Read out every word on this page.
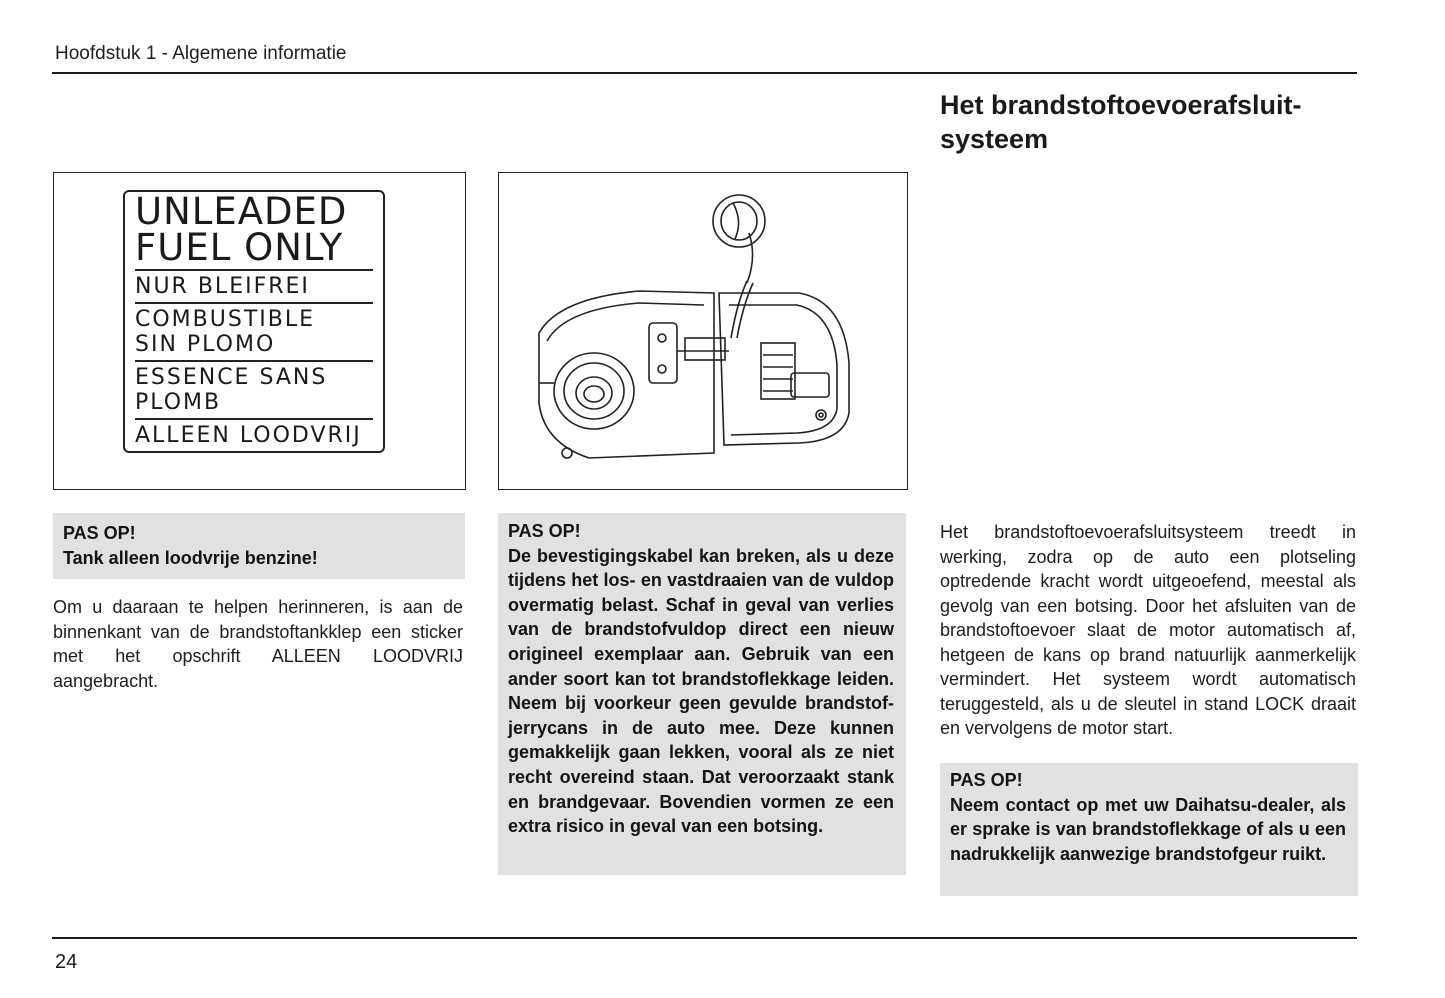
Hoofdstuk 1 - Algemene informatie
Het brandstoftoevoerafsluit-systeem
UNLEADED
FUEL ONLY
NUR BLEIFREI
COMBUSTIBLE
SIN PLOMO
ESSENCE SANS
PLOMB
ALLEEN LOODVRIJ
PAS OP!
Tank alleen loodvrije benzine!
Om u daaraan te helpen herinneren, is aan de binnenkant van de brandstoftankklep een sticker met het opschrift ALLEEN LOODVRIJ aangebracht.
PAS OP!
De bevestigingskabel kan breken, als u deze tijdens het los- en vastdraaien van de vuldop overmatig belast. Schaf in geval van verlies van de brandstofvuldop direct een nieuw origineel exemplaar aan. Gebruik van een ander soort kan tot brandstoflekkage leiden. Neem bij voorkeur geen gevulde brandstof-jerrycans in de auto mee. Deze kunnen gemakkelijk gaan lekken, vooral als ze niet recht overeind staan. Dat veroorzaakt stank en brandgevaar. Bovendien vormen ze een extra risico in geval van een botsing.
Het brandstoftoevoerafsluitsysteem treedt in werking, zodra op de auto een plotseling optredende kracht wordt uitgeoefend, meestal als gevolg van een botsing. Door het afsluiten van de brandstoftoevoer slaat de motor automatisch af, hetgeen de kans op brand natuurlijk aanmerkelijk vermindert. Het systeem wordt automatisch teruggesteld, als u de sleutel in stand LOCK draait en vervolgens de motor start.
PAS OP!
Neem contact op met uw Daihatsu-dealer, als er sprake is van brandstoflekkage of als u een nadrukkelijk aanwezige brandstofgeur ruikt.
24
